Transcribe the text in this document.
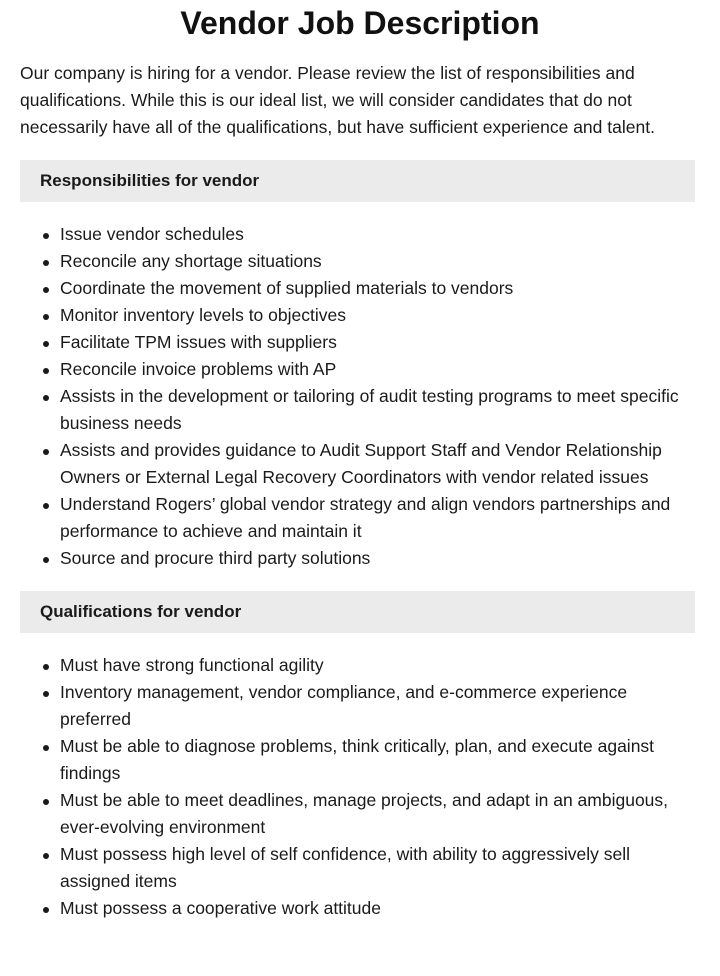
Vendor Job Description

Our company is hiring for a vendor. Please review the list of responsibilities and qualifications. While this is our ideal list, we will consider candidates that do not necessarily have all of the qualifications, but have sufficient experience and talent.

Responsibilities for vendor
Issue vendor schedules
Reconcile any shortage situations
Coordinate the movement of supplied materials to vendors
Monitor inventory levels to objectives
Facilitate TPM issues with suppliers
Reconcile invoice problems with AP
Assists in the development or tailoring of audit testing programs to meet specific business needs
Assists and provides guidance to Audit Support Staff and Vendor Relationship Owners or External Legal Recovery Coordinators with vendor related issues
Understand Rogers’ global vendor strategy and align vendors partnerships and performance to achieve and maintain it
Source and procure third party solutions
Qualifications for vendor
Must have strong functional agility
Inventory management, vendor compliance, and e-commerce experience preferred
Must be able to diagnose problems, think critically, plan, and execute against findings
Must be able to meet deadlines, manage projects, and adapt in an ambiguous, ever-evolving environment
Must possess high level of self confidence, with ability to aggressively sell assigned items
Must possess a cooperative work attitude
